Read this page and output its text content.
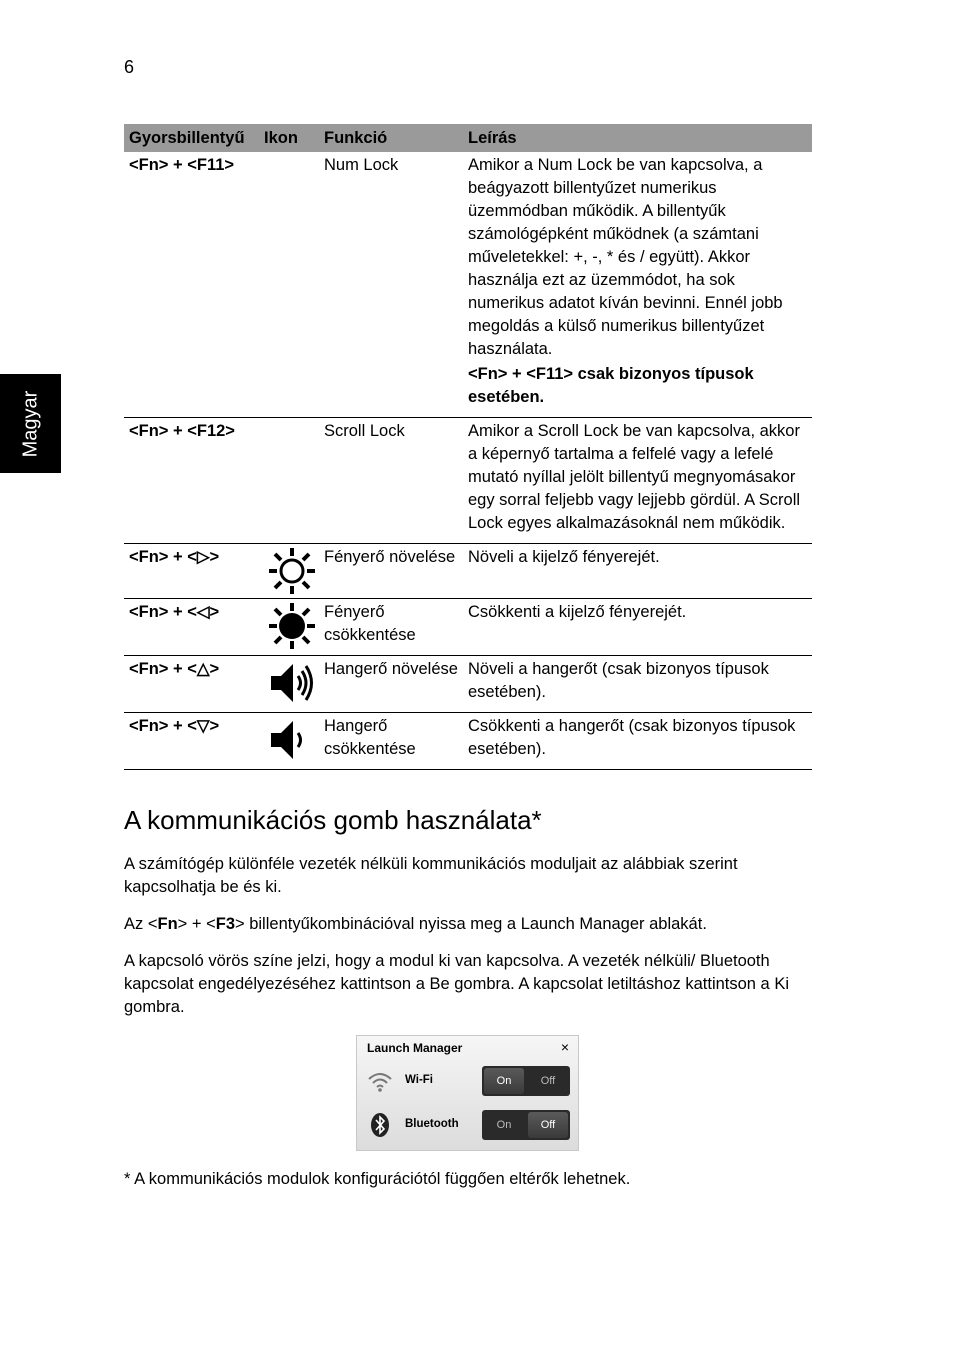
6
Magyar
Gyorsbillentyű	Ikon	Funkció	Leírás
<Fn> + <F11>		Num Lock	Amikor a Num Lock be van kapcsolva, a beágyazott billentyűzet numerikus üzemmódban működik. A billentyűk számológépként működnek (a számtani műveletekkel: +, -, * és / együtt). Akkor használja ezt az üzemmódot, ha sok numerikus adatot kíván bevinni. Ennél jobb megoldás a külső numerikus billentyűzet használata.
<Fn> + <F11> csak bizonyos típusok esetében.

<Fn> + <F12>		Scroll Lock	Amikor a Scroll Lock be van kapcsolva, akkor a képernyő tartalma a felfelé vagy a lefelé mutató nyíllal jelölt billentyű megnyomásakor egy sorral feljebb vagy lejjebb gördül. A Scroll Lock egyes alkalmazásoknál nem működik.

<Fn> + <▷>		Fényerő növelése	Növeli a kijelző fényerejét.
<Fn> + <◁>		Fényerő csökkentése	Csökkenti a kijelző fényerejét.
<Fn> + <△>		Hangerő növelése	Növeli a hangerőt (csak bizonyos típusok esetében).
<Fn> + <▽>		Hangerő csökkentése	Csökkenti a hangerőt (csak bizonyos típusok esetében).
A kommunikációs gomb használata*

A számítógép különféle vezeték nélküli kommunikációs moduljait az alábbiak szerint kapcsolhatja be és ki.

Az <Fn> + <F3> billentyűkombinációval nyissa meg a Launch Manager ablakát.

A kapcsoló vörös színe jelzi, hogy a modul ki van kapcsolva. A vezeték nélküli/ Bluetooth kapcsolat engedélyezéséhez kattintson a Be gombra. A kapcsolat letiltáshoz kattintson a Ki gombra.

Launch Manager	×
Wi-Fi	On	Off
Bluetooth	On	Off

* A kommunikációs modulok konfigurációtól függően eltérők lehetnek.
